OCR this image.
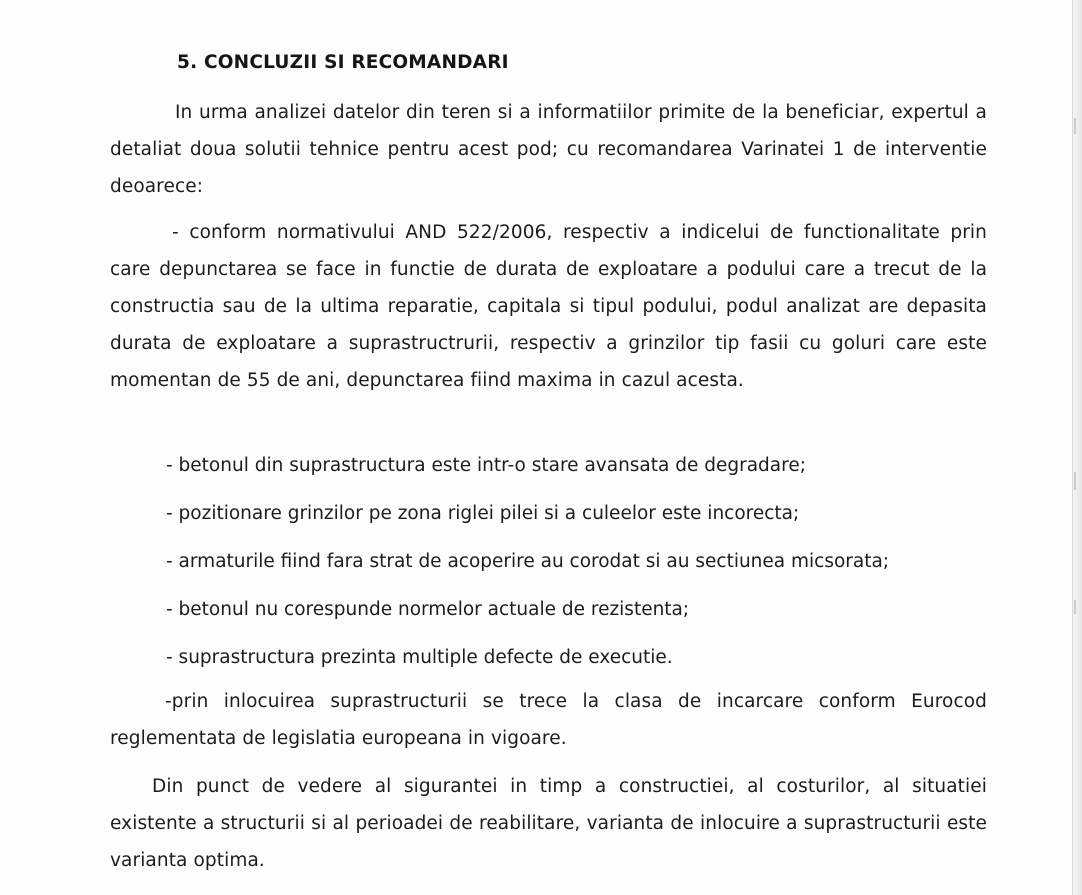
5. CONCLUZII SI RECOMANDARI

In urma analizei datelor din teren si a informatiilor primite de la beneficiar, expertul a detaliat doua solutii tehnice pentru acest pod; cu recomandarea Varinatei 1 de interventie deoarece:

- conform normativului AND 522/2006, respectiv a indicelui de functionalitate prin care depunctarea se face in functie de durata de exploatare a podului care a trecut de la constructia sau de la ultima reparatie, capitala si tipul podului, podul analizat are depasita durata de exploatare a suprastructrurii, respectiv a grinzilor tip fasii cu goluri care este momentan de 55 de ani, depunctarea fiind maxima in cazul acesta.

- betonul din suprastructura este intr-o stare avansata de degradare;
- pozitionare grinzilor pe zona riglei pilei si a culeelor este incorecta;
- armaturile fiind fara strat de acoperire au corodat si au sectiunea micsorata;
- betonul nu corespunde normelor actuale de rezistenta;
- suprastructura prezinta multiple defecte de executie.

-prin inlocuirea suprastructurii se trece la clasa de incarcare conform Eurocod reglementata de legislatia europeana in vigoare.

Din punct de vedere al sigurantei in timp a constructiei, al costurilor, al situatiei existente a structurii si al perioadei de reabilitare, varianta de inlocuire a suprastructurii este varianta optima.
